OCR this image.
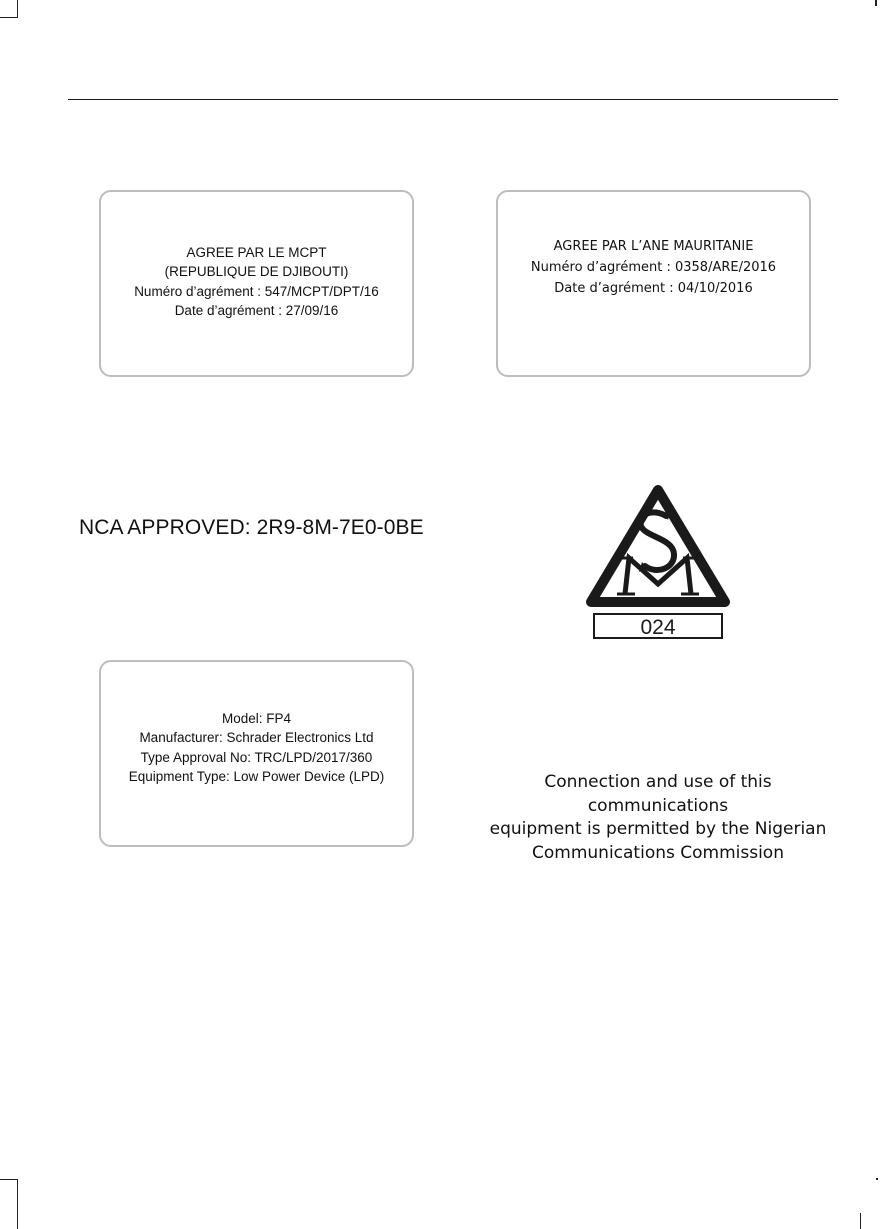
AGREE PAR LE MCPT
(REPUBLIQUE DE DJIBOUTI)
Numéro d’agrément : 547/MCPT/DPT/16
Date d’agrément : 27/09/16
AGREE PAR L’ANE MAURITANIE
Numéro d’agrément : 0358/ARE/2016
Date d’agrément : 04/10/2016
NCA APPROVED: 2R9-8M-7E0-0BE
024
Model: FP4
Manufacturer: Schrader Electronics Ltd
Type Approval No: TRC/LPD/2017/360
Equipment Type: Low Power Device (LPD)	Connection and use of this
communications
equipment is permitted by the Nigerian
Communications Commission
